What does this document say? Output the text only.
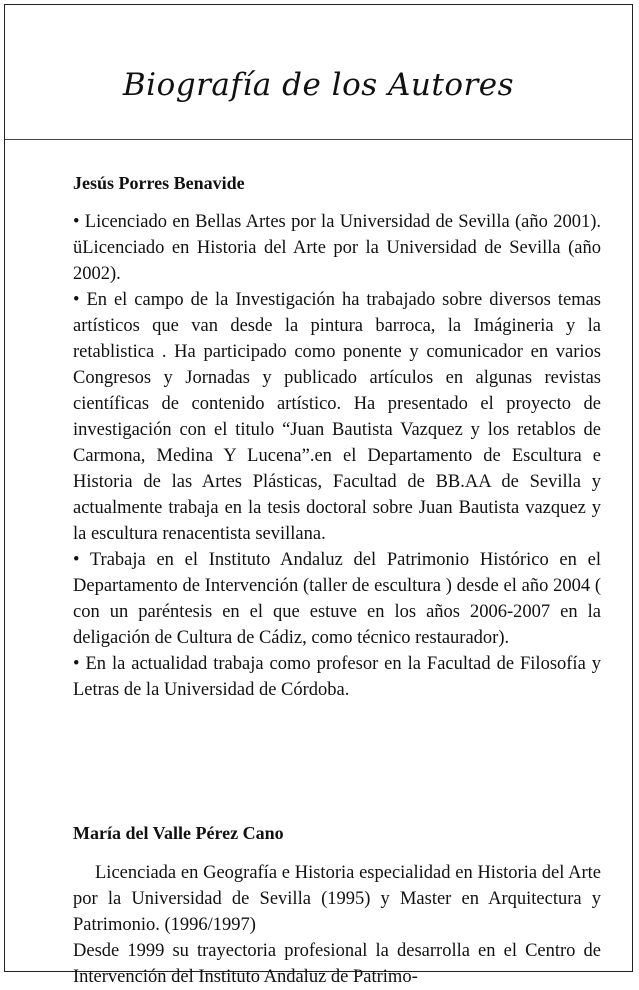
Biografía de los Autores
Jesús Porres Benavide

• Licenciado en Bellas Artes por la Universidad de Sevilla (año 2001). üLicenciado en Historia del Arte por la Universidad de Sevilla (año 2002).

• En el campo de la Investigación ha trabajado sobre diversos temas artísticos que van desde la pintura barroca, la Imágineria y la retablistica . Ha participado como ponente y comunicador en varios Congresos y Jornadas y publicado artículos en algunas revistas científicas de contenido artístico. Ha presentado el proyecto de investigación con el titulo “Juan Bautista Vazquez y los retablos de Carmona, Medina Y Lucena”.en el Departamento de Escultura e Historia de las Artes Plásticas, Facultad de BB.AA de Sevilla y actualmente trabaja en la tesis doctoral sobre Juan Bautista vazquez y la escultura renacentista sevillana.

• Trabaja en el Instituto Andaluz del Patrimonio Histórico en el Departamento de Intervención (taller de escultura ) desde el año 2004 ( con un paréntesis en el que estuve en los años 2006-2007 en la deligación de Cultura de Cádiz, como técnico restaurador).

• En la actualidad trabaja como profesor en la Facultad de Filosofía y Letras de la Universidad de Córdoba.

María del Valle Pérez Cano

Licenciada en Geografía e Historia especialidad en Historia del Arte por la Universidad de Sevilla (1995) y Master en Arquitectura y Patrimonio. (1996/1997)

Desde 1999 su trayectoria profesional la desarrolla en el Centro de Intervención del Instituto Andaluz de Patrimo-
